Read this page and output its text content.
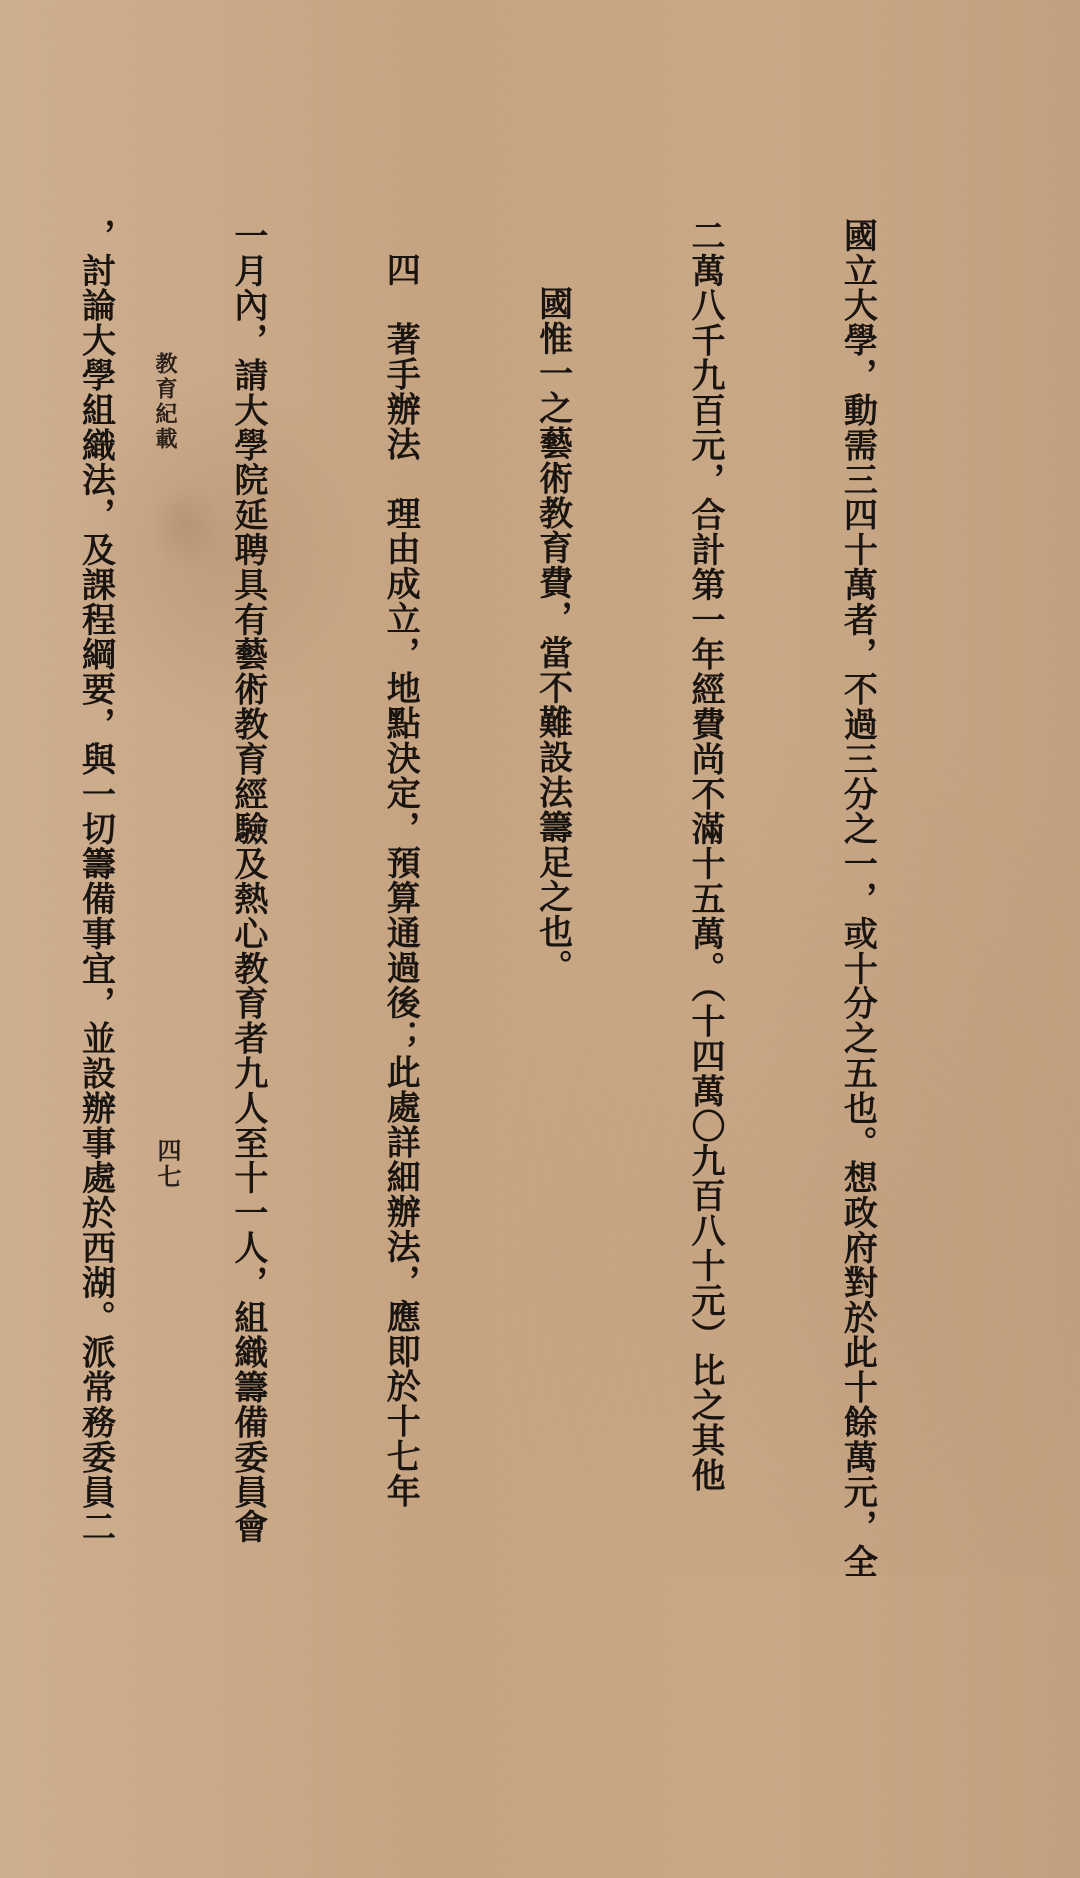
國立大學，動需三四十萬者，不過三分之一，或十分之五也。想政府對於此十餘萬元，全

二萬八千九百元，合計第一年經費尚不滿十五萬。（十四萬〇九百八十元）比之其他

國惟一之藝術教育費，當不難設法籌足之也。

四　著手辦法　理由成立，地點決定，預算通過後；此處詳細辦法，應即於十七年

一月內，請大學院延聘具有藝術教育經驗及熱心教育者九人至十一人，組織籌備委員會

，討論大學組織法，及課程綱要，與一切籌備事宜，並設辦事處於西湖。派常務委員二

教育紀載
四七
